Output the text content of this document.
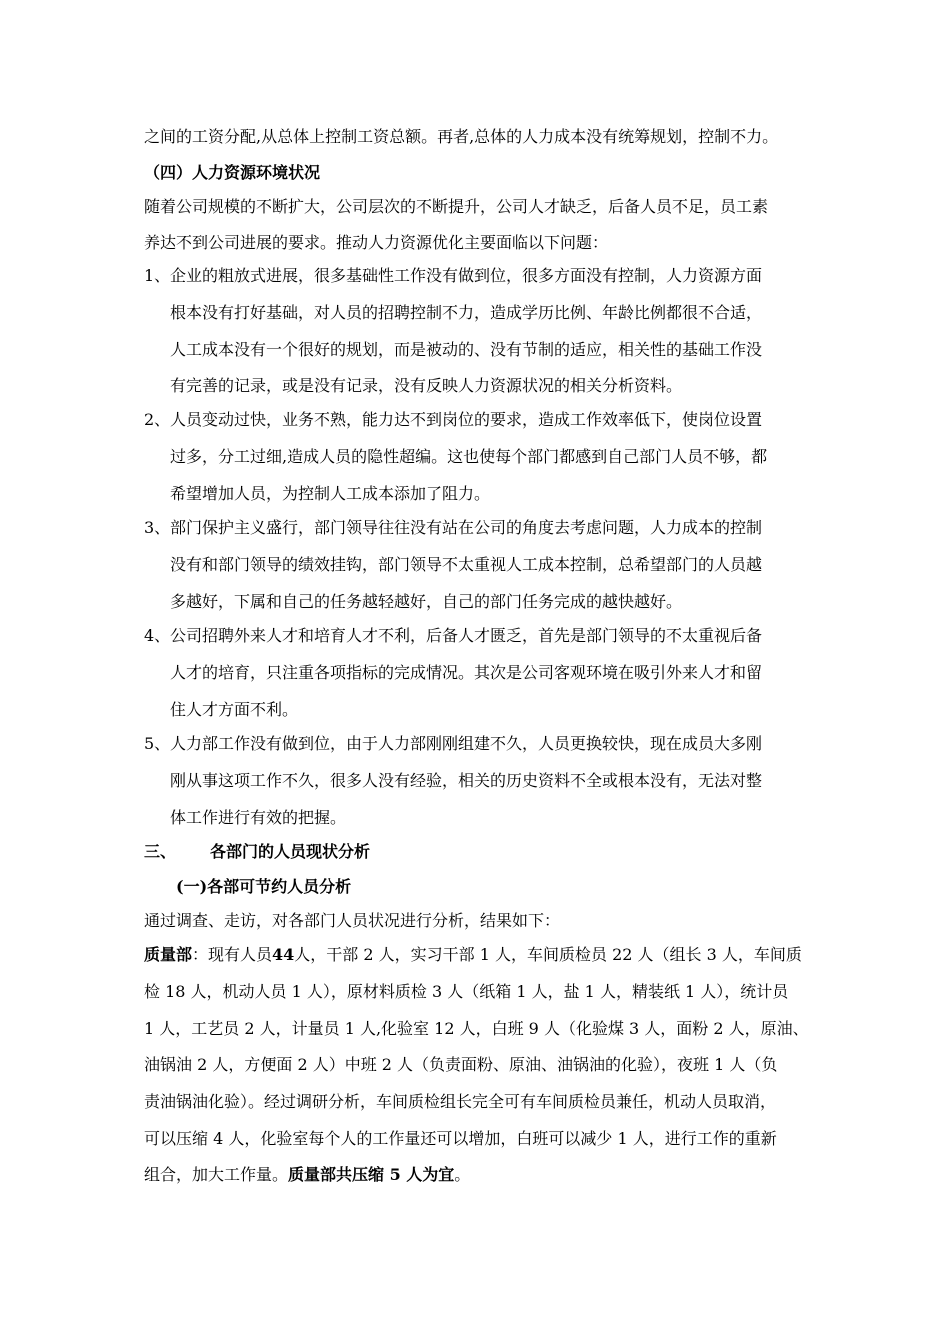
之间的工资分配,从总体上控制工资总额。再者,总体的人力成本没有统筹规划，控制不力。
（四）人力资源环境状况
随着公司规模的不断扩大，公司层次的不断提升，公司人才缺乏，后备人员不足，员工素
养达不到公司进展的要求。推动人力资源优化主要面临以下问题：
1、 企业的粗放式进展，很多基础性工作没有做到位，很多方面没有控制，人力资源方面
根本没有打好基础，对人员的招聘控制不力，造成学历比例、年龄比例都很不合适，
人工成本没有一个很好的规划，而是被动的、没有节制的适应，相关性的基础工作没
有完善的记录，或是没有记录，没有反映人力资源状况的相关分析资料。
2、 人员变动过快，业务不熟，能力达不到岗位的要求，造成工作效率低下，使岗位设置
过多，分工过细,造成人员的隐性超编。这也使每个部门都感到自己部门人员不够，都
希望增加人员，为控制人工成本添加了阻力。
3、 部门保护主义盛行，部门领导往往没有站在公司的角度去考虑问题，人力成本的控制
没有和部门领导的绩效挂钩，部门领导不太重视人工成本控制，总希望部门的人员越
多越好，下属和自己的任务越轻越好，自己的部门任务完成的越快越好。
4、 公司招聘外来人才和培育人才不利，后备人才匮乏，首先是部门领导的不太重视后备
人才的培育，只注重各项指标的完成情况。其次是公司客观环境在吸引外来人才和留
住人才方面不利。
5、 人力部工作没有做到位，由于人力部刚刚组建不久，人员更换较快，现在成员大多刚
刚从事这项工作不久，很多人没有经验，相关的历史资料不全或根本没有，无法对整
体工作进行有效的把握。
三、 各部门的人员现状分析
(一)各部可节约人员分析
通过调查、走访，对各部门人员状况进行分析，结果如下：
质量部：现有人员44人，干部 2 人，实习干部 1 人，车间质检员 22 人（组长 3 人，车间质
检 18 人，机动人员 1 人），原材料质检 3 人（纸箱 1 人，盐 1 人，精装纸 1 人），统计员
1 人，工艺员 2 人，计量员 1 人,化验室 12 人，白班 9 人（化验煤 3 人，面粉 2 人，原油、
油锅油 2 人，方便面 2 人）中班 2 人（负责面粉、原油、油锅油的化验），夜班 1 人（负
责油锅油化验）。经过调研分析，车间质检组长完全可有车间质检员兼任，机动人员取消，
可以压缩 4 人，化验室每个人的工作量还可以增加，白班可以减少 1 人，进行工作的重新
组合，加大工作量。质量部共压缩 5 人为宜。
